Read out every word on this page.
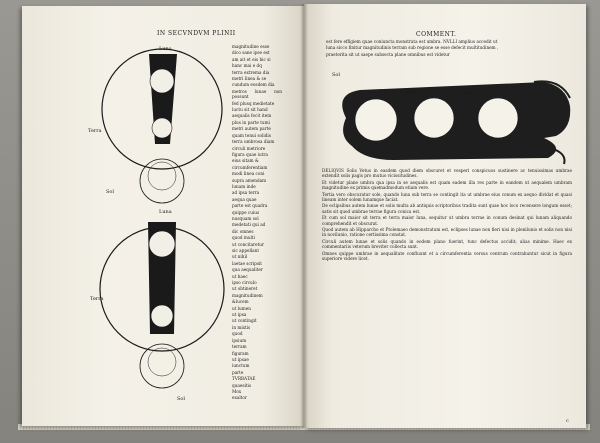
IN SECVNDVM PLINII
Luna
Terra
Sol
Luna
Terra
Sol
magnitudine esse
dico sane ipse est
am ait et eis hic si
hanc mai e dq
terra extrema dia
metri linea & se
cundum eosdem dia
metros lunae non possunt
fed plusq medietate
luctu sit sit hand
aequalis fecit item
plus in parte tumi
metri autem parte
quam tenui solidis
terra umbrosa diam
circuli metriore
figura quae iutra
eius sitam &
circumferentiam
modi linea coni
supra amendam
lunam inde
ad ipsa terra
aequa quae
parte est quadra
quippe cuius
nusquam sol
medetati qui ad
dic omnes
quod multi
ut concitaretur
sic appellant
ut nihil
laetae scripsit
qua aequaliter
ut haec
ipso circulo
ut obtineret
magnitudinem
&lucem
ut lumen
ut ipsa
ut contingit
in mixtis
quod
ipsium
terram
figuram
ut ipsae
iunctum
parte
TVRBATAE
quaesitis
Mox
exaltor
COMMENT.
est fere effigiem quae coniuncta monstrata est umbra. NVLLI amplius accedit ut
luna sicco finitur magnitudinis terram sub regione se esse defecit multitudinem ,
praeterita sit ut saepe subsecta plane omnibus est videtur
Sol
Terra	Luna
DELIQVIS Solis Vetus in easdem quod diem obscuret et vesperi conspicuos sustinere ac tenuissimas umbrae extendit solis pagis pro mutuo vicissitudines.
Et videtur plane umbra qua ipsa in se aequalis est quam eadem illa res parte in eandem ut aequalem umbram magnitudine ex primis quemadmodum etiam vere.
Tertia vero obscuratur sole, quando luna sub terra se contingit ita ut umbrae eius conum ex aequo dividat et quasi lineam inter solem lunamque faciat.
De eclipsibus autem lunae et solis multa ab antiquis scriptoribus tradita sunt quae hoc loco recensere longum esset; satis sit quod umbrae terrae figura conica est.
Et cum sol maior sit terra et terra maior luna, sequitur ut umbra terrae in conum desinat qui lunam aliquando comprehendit et obscurat.
Quod autem ab Hipparcho et Ptolemaeo demonstratum est, eclipses lunae non fieri nisi in plenilunio et solis non nisi in novilunio, ratione certissima constat.
Circuli autem lunae et solis quando in eodem plano fuerint, tunc defectus accidit; alias minime. Haec ex commentariis veterum breviter collecta sunt.
Omnes quippe umbrae in aequalitate confluunt et a circumferentia versus centrum contrahuntur sicut in figura superiore videre licet.
c
